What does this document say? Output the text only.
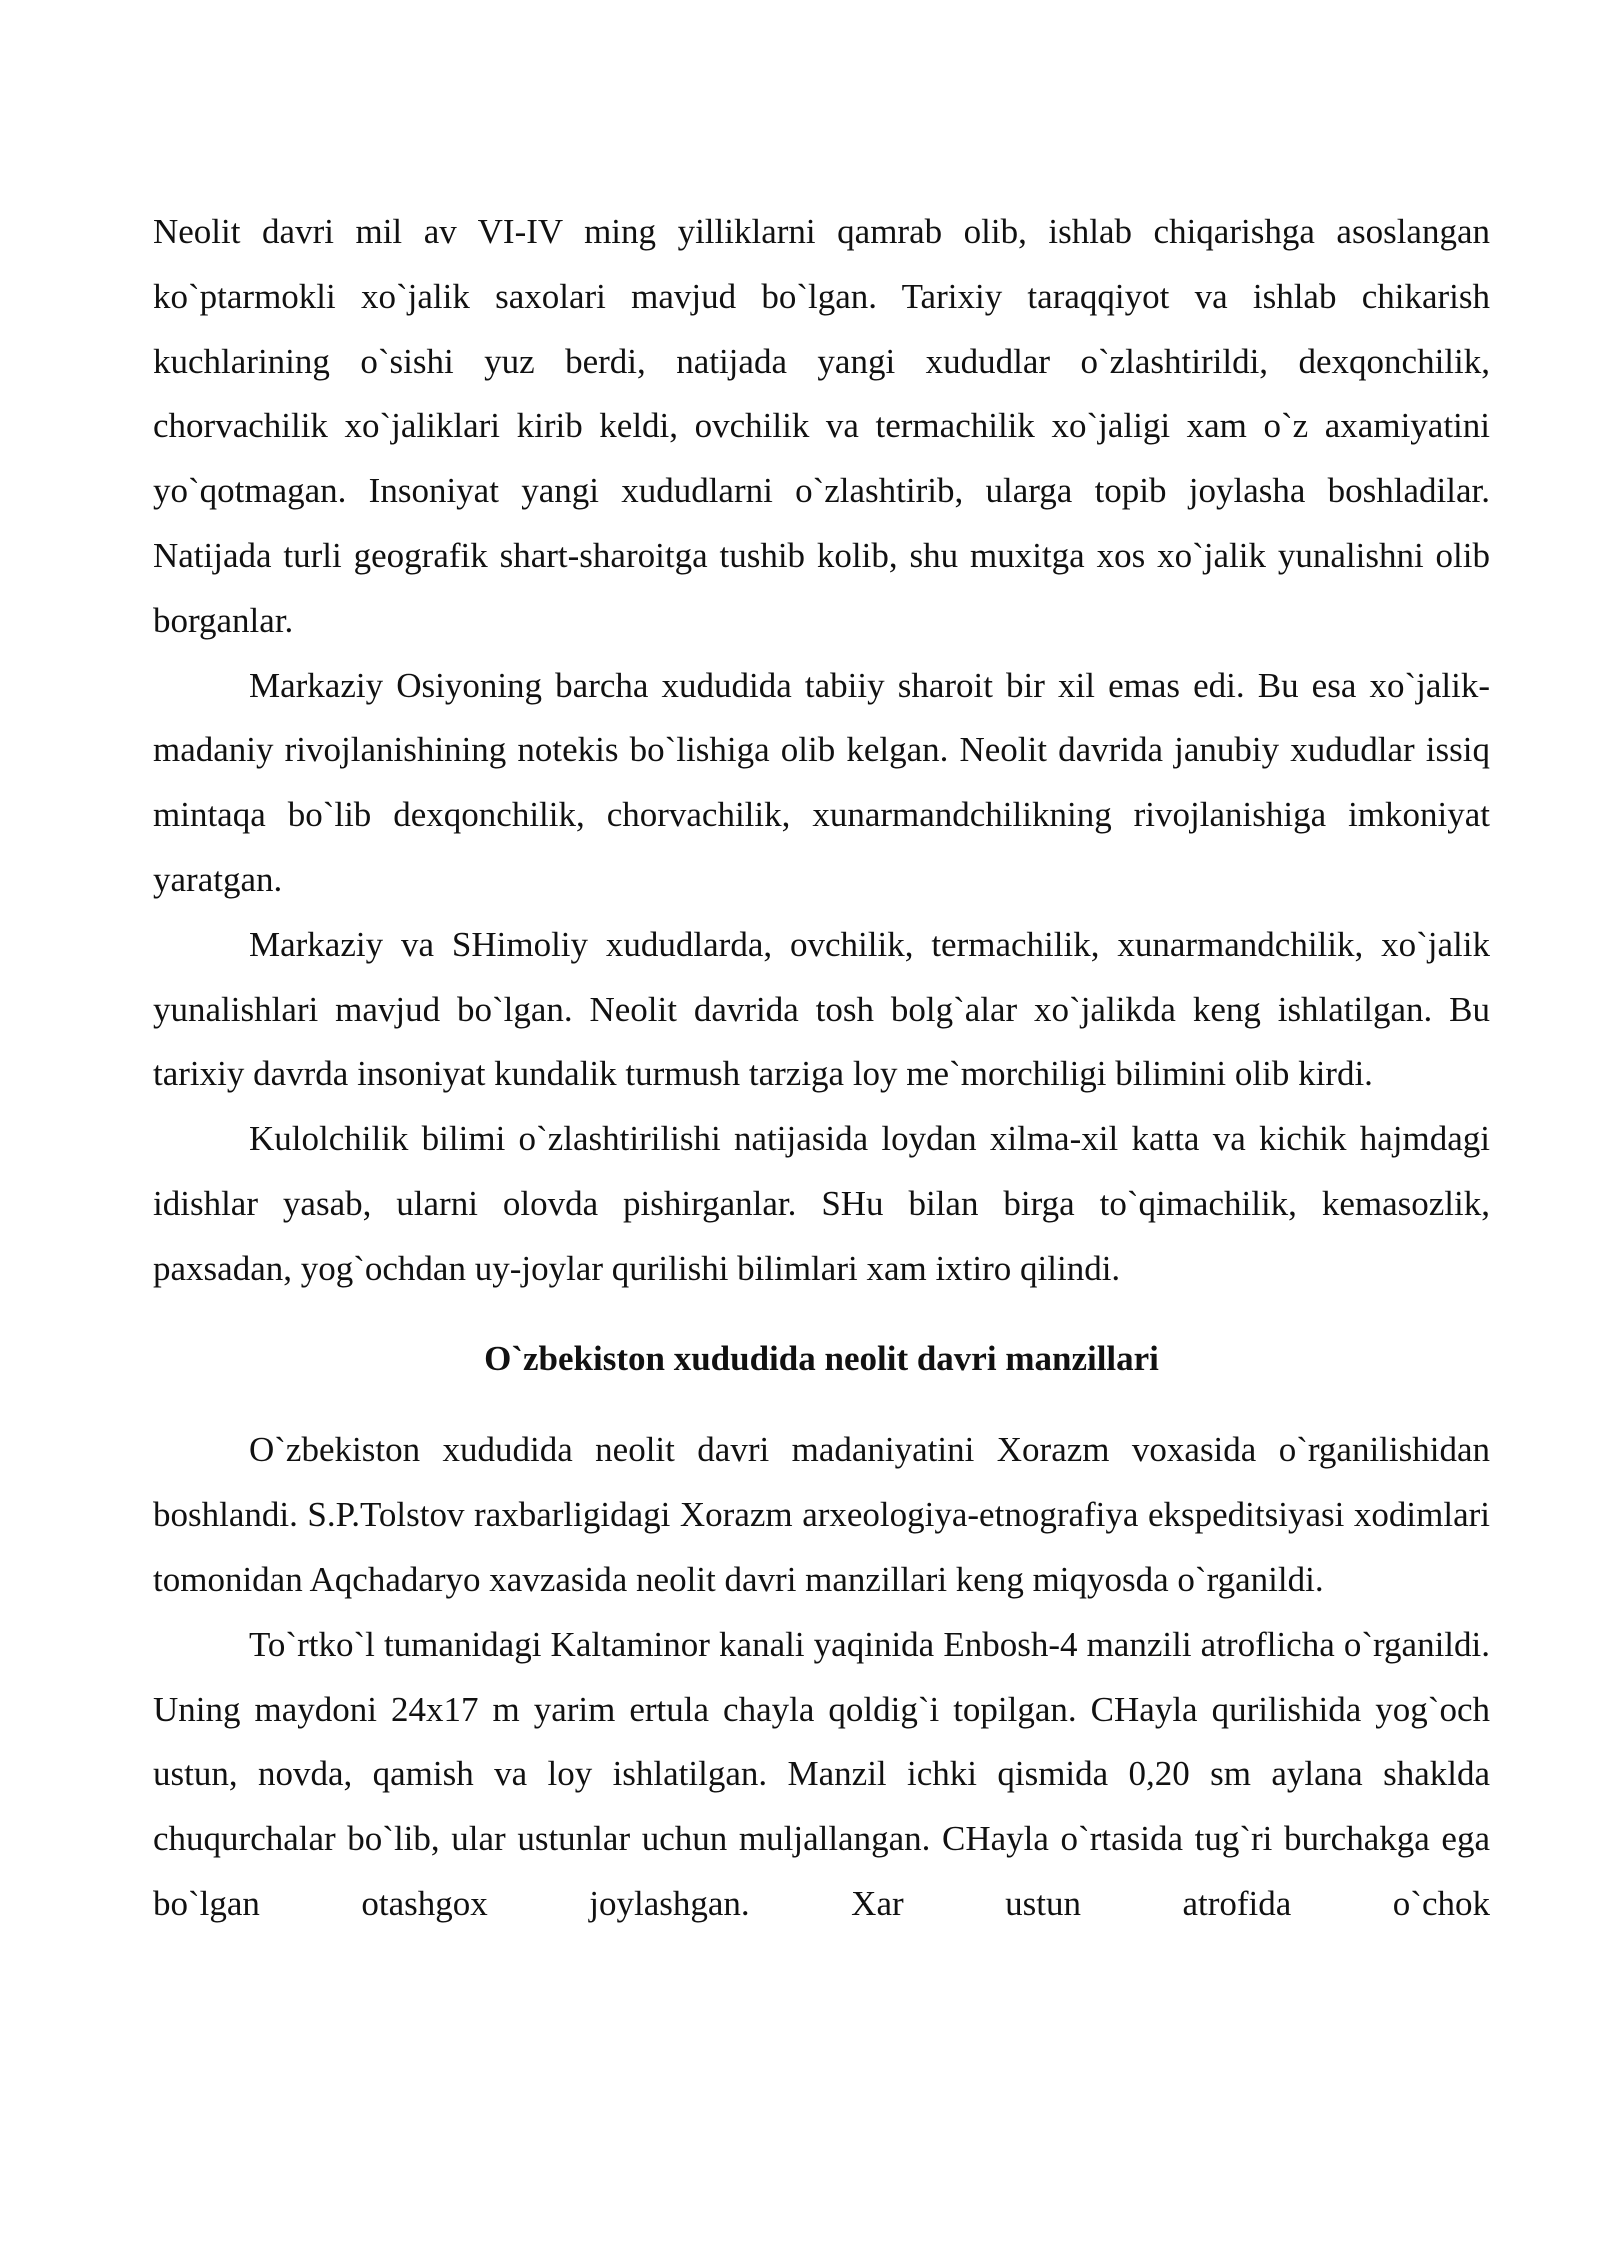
Neolit davri mil av VI-IV ming yilliklarni qamrab olib, ishlab chiqarishga asoslangan ko`ptarmokli xo`jalik saxolari mavjud bo`lgan. Tarixiy taraqqiyot va ishlab chikarish kuchlarining o`sishi yuz berdi, natijada yangi xududlar o`zlashtirildi, dexqonchilik, chorvachilik xo`jaliklari kirib keldi, ovchilik va termachilik xo`jaligi xam o`z axamiyatini yo`qotmagan. Insoniyat yangi xududlarni o`zlashtirib, ularga topib joylasha boshladilar. Natijada turli geografik shart-sharoitga tushib kolib, shu muxitga xos xo`jalik yunalishni olib borganlar.

Markaziy Osiyoning barcha xududida tabiiy sharoit bir xil emas edi. Bu esa xo`jalik-madaniy rivojlanishining notekis bo`lishiga olib kelgan. Neolit davrida janubiy xududlar issiq mintaqa bo`lib dexqonchilik, chorvachilik, xunarmandchilikning rivojlanishiga imkoniyat yaratgan.

Markaziy va SHimoliy xududlarda, ovchilik, termachilik, xunarmandchilik, xo`jalik yunalishlari mavjud bo`lgan. Neolit davrida tosh bolg`alar xo`jalikda keng ishlatilgan. Bu tarixiy davrda insoniyat kundalik turmush tarziga loy me`morchiligi bilimini olib kirdi.

Kulolchilik bilimi o`zlashtirilishi natijasida loydan xilma-xil katta va kichik hajmdagi idishlar yasab, ularni olovda pishirganlar. SHu bilan birga to`qimachilik, kemasozlik, paxsadan, yog`ochdan uy-joylar qurilishi bilimlari xam ixtiro qilindi.

O`zbekiston xududida neolit davri manzillari

O`zbekiston xududida neolit davri madaniyatini Xorazm voxasida o`rganilishidan boshlandi. S.P.Tolstov raxbarligidagi Xorazm arxeologiya-etnografiya ekspeditsiyasi xodimlari tomonidan Aqchadaryo xavzasida neolit davri manzillari keng miqyosda o`rganildi.

To`rtko`l tumanidagi Kaltaminor kanali yaqinida Enbosh-4 manzili atroflicha o`rganildi. Uning maydoni 24x17 m yarim ertula chayla qoldig`i topilgan. CHayla qurilishida yog`och ustun, novda, qamish va loy ishlatilgan. Manzil ichki qismida 0,20 sm aylana shaklda chuqurchalar bo`lib, ular ustunlar uchun muljallangan. CHayla o`rtasida tug`ri burchakga ega bo`lgan otashgox joylashgan. Xar ustun atrofida o`chok
